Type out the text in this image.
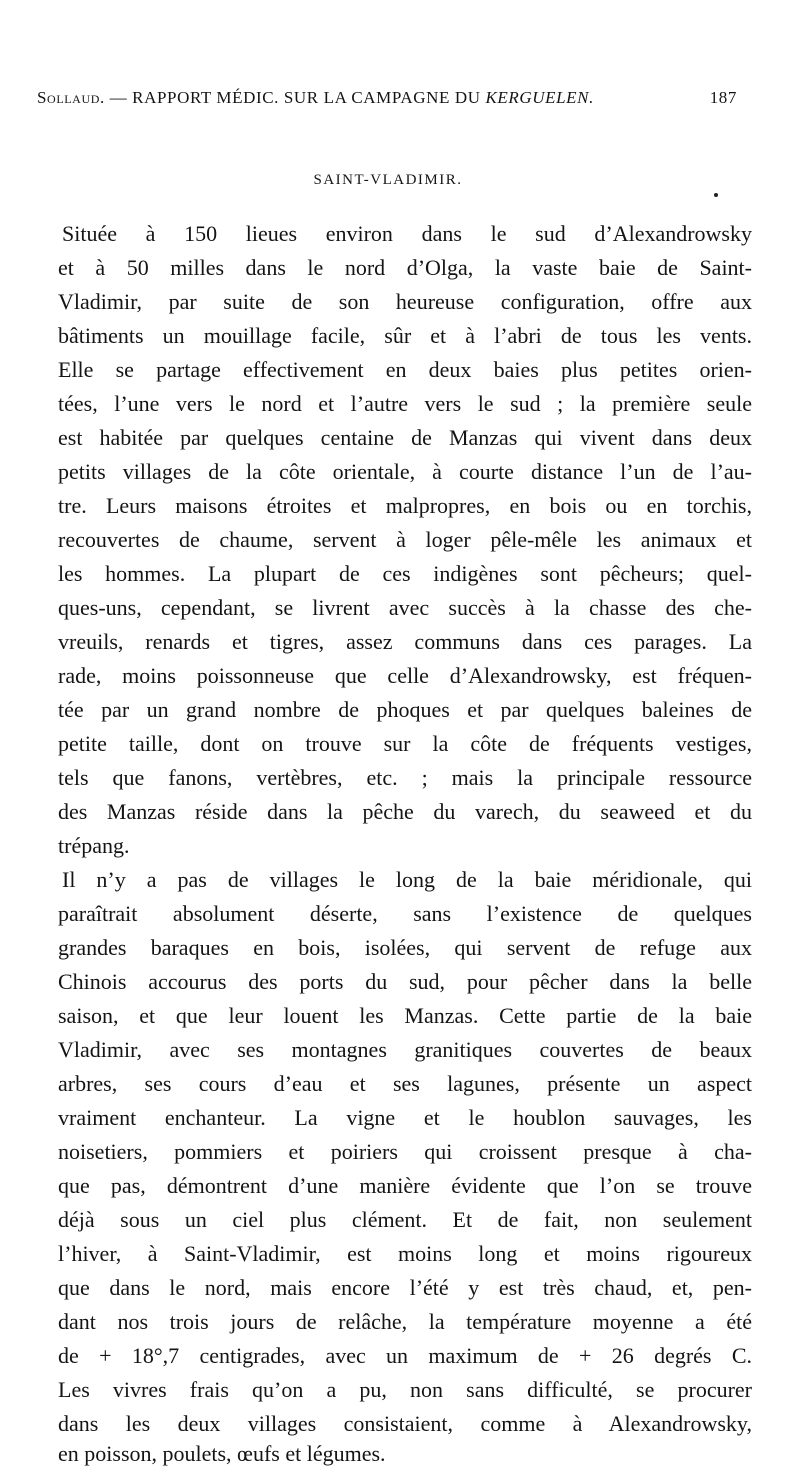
Sollaud. — RAPPORT MÉDIC. SUR LA CAMPAGNE DU KERGUELEN.	187
SAINT-VLADIMIR.
Située à 150 lieues environ dans le sud d’Alexandrowsky
et à 50 milles dans le nord d’Olga, la vaste baie de Saint-
Vladimir, par suite de son heureuse configuration, offre aux
bâtiments un mouillage facile, sûr et à l’abri de tous les vents.
Elle se partage effectivement en deux baies plus petites orien-
tées, l’une vers le nord et l’autre vers le sud ; la première seule
est habitée par quelques centaine de Manzas qui vivent dans deux
petits villages de la côte orientale, à courte distance l’un de l’au-
tre. Leurs maisons étroites et malpropres, en bois ou en torchis,
recouvertes de chaume, servent à loger pêle-mêle les animaux et
les hommes. La plupart de ces indigènes sont pêcheurs; quel-
ques-uns, cependant, se livrent avec succès à la chasse des che-
vreuils, renards et tigres, assez communs dans ces parages. La
rade, moins poissonneuse que celle d’Alexandrowsky, est fréquen-
tée par un grand nombre de phoques et par quelques baleines de
petite taille, dont on trouve sur la côte de fréquents vestiges,
tels que fanons, vertèbres, etc. ; mais la principale ressource
des Manzas réside dans la pêche du varech, du seaweed et du
trépang.
Il n’y a pas de villages le long de la baie méridionale, qui
paraîtrait absolument déserte, sans l’existence de quelques
grandes baraques en bois, isolées, qui servent de refuge aux
Chinois accourus des ports du sud, pour pêcher dans la belle
saison, et que leur louent les Manzas. Cette partie de la baie
Vladimir, avec ses montagnes granitiques couvertes de beaux
arbres, ses cours d’eau et ses lagunes, présente un aspect
vraiment enchanteur. La vigne et le houblon sauvages, les
noisetiers, pommiers et poiriers qui croissent presque à cha-
que pas, démontrent d’une manière évidente que l’on se trouve
déjà sous un ciel plus clément. Et de fait, non seulement
l’hiver, à Saint-Vladimir, est moins long et moins rigoureux
que dans le nord, mais encore l’été y est très chaud, et, pen-
dant nos trois jours de relâche, la température moyenne a été
de + 18°,7 centigrades, avec un maximum de + 26 degrés C.
Les vivres frais qu’on a pu, non sans difficulté, se procurer
dans les deux villages consistaient, comme à Alexandrowsky,
en poisson, poulets, œufs et légumes.
